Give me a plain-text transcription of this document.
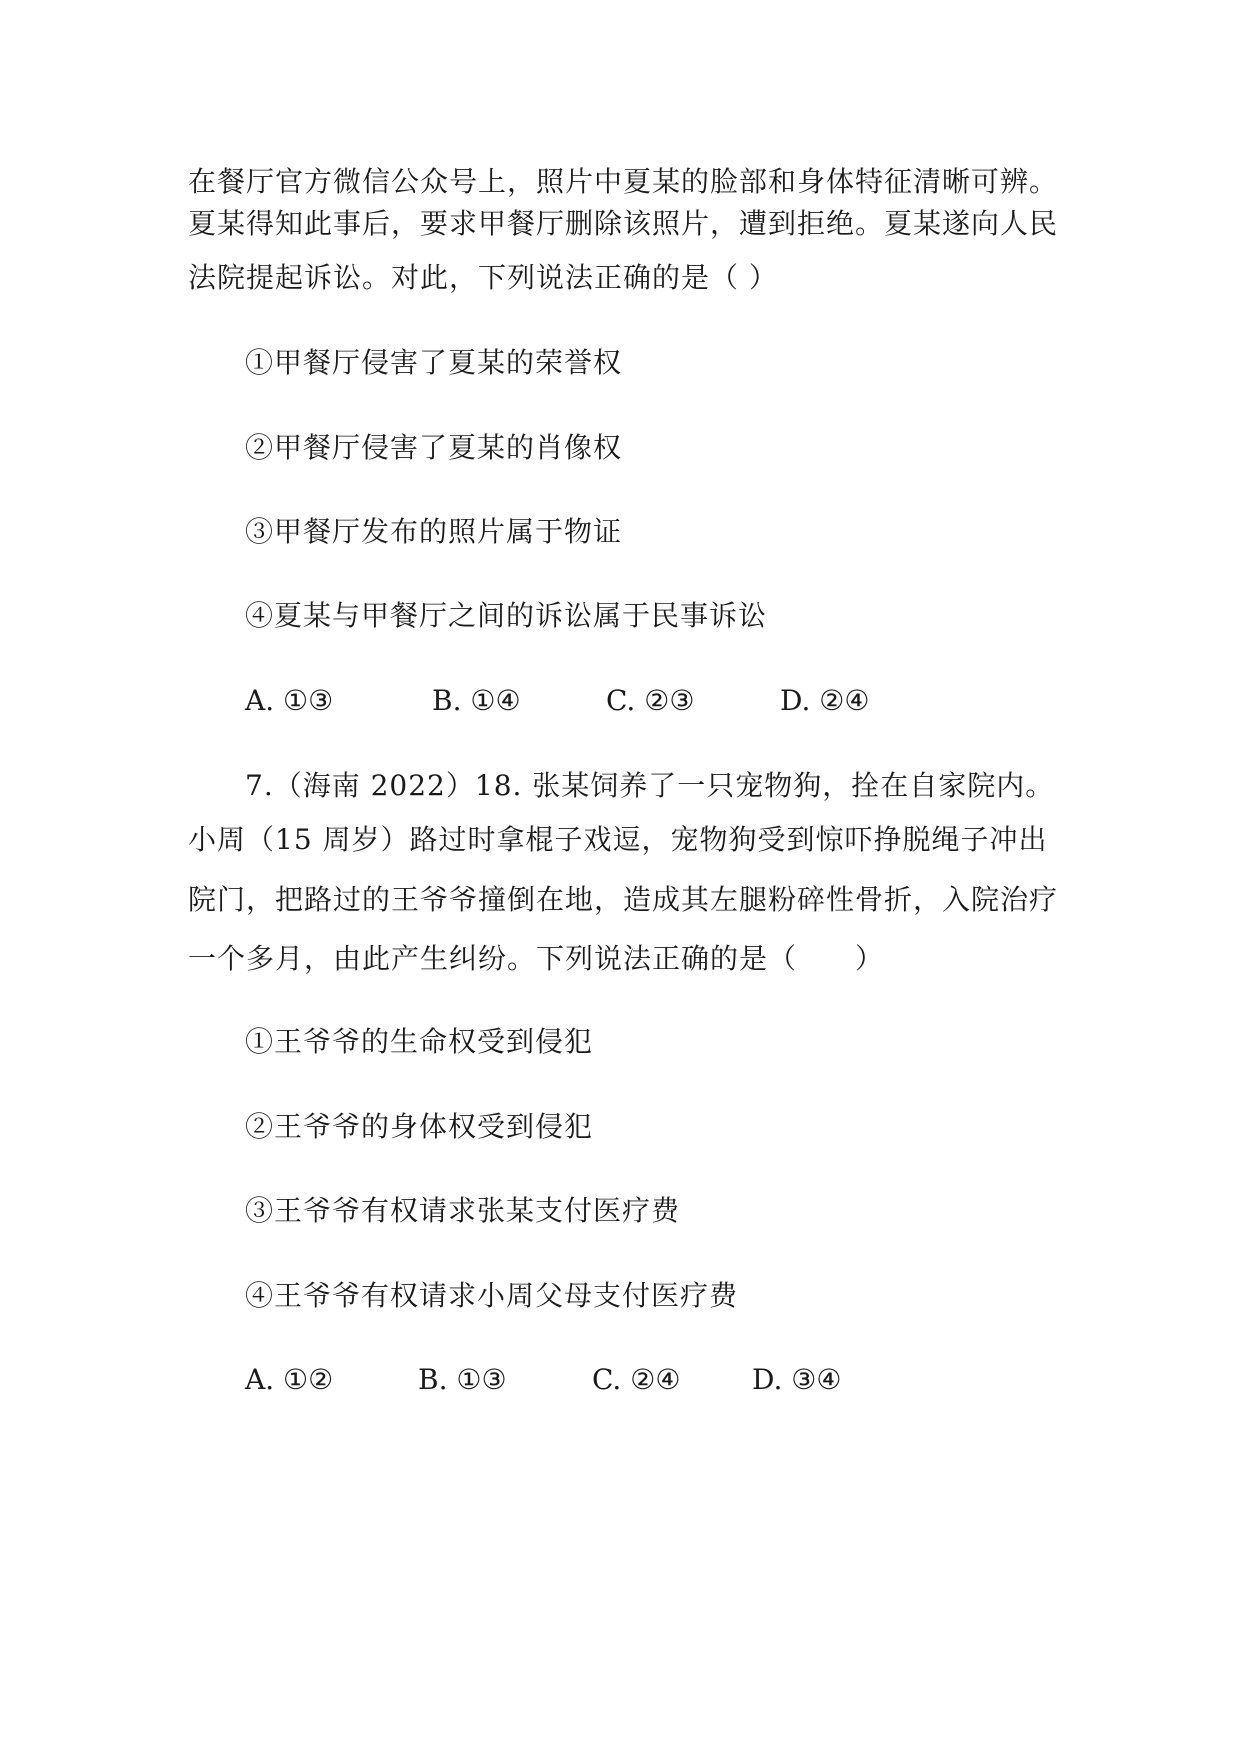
在餐厅官方微信公众号上，照片中夏某的脸部和身体特征清晰可辨。
夏某得知此事后，要求甲餐厅删除该照片，遭到拒绝。夏某遂向人民
法院提起诉讼。对此，下列说法正确的是（ ）
①甲餐厅侵害了夏某的荣誉权
②甲餐厅侵害了夏某的肖像权
③甲餐厅发布的照片属于物证
④夏某与甲餐厅之间的诉讼属于民事诉讼
A. ①③	B. ①④	C. ②③	D. ②④
7.（海南 2022）18. 张某饲养了一只宠物狗，拴在自家院内。
小周（15 周岁）路过时拿棍子戏逗，宠物狗受到惊吓挣脱绳子冲出
院门，把路过的王爷爷撞倒在地，造成其左腿粉碎性骨折，入院治疗
一个多月，由此产生纠纷。下列说法正确的是（　　）
①王爷爷的生命权受到侵犯
②王爷爷的身体权受到侵犯
③王爷爷有权请求张某支付医疗费
④王爷爷有权请求小周父母支付医疗费
A. ①②	B. ①③	C. ②④	D. ③④
